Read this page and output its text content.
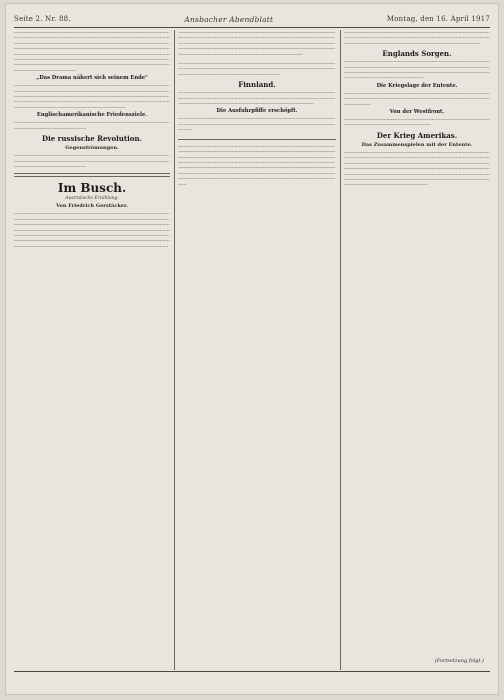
Seite 2. Nr. 88.	Ansbacher Abendblatt	Montag, den 16. April 1917
----------------------------------------------------------------------------------------------------------------------------------------------------------------------------------------------------------------------------------------------------------------------------------------------------------------------------------------------------------------------------------------------------------------------------------------------------------------------------------------------------------------------------------------------------------------------------------------------------------------------------------------------------------------------------------------------------------------------------------------------------------------------------------------------------------------------------------------------
„Das Drama nähert sich seinem Ende"
---------------------------------------------------------------------------------------------------------------------------------------------------------------------------------------------------------------------------------------------------------------------------------------------------------------------------------------------------------------------------------------------------------------------------------------------------------------------------------------------------------------------------------------
Englischamerikanische Friedensziele.
-----------------------------------------------------------------------------------------------------------------------------------------------------------------
Die russische Revolution.
Gegenströmungen.
-------------------------------------------------------------------------------------------------------------------------------------------------------------------------------------------------------------------------------------------------------------------------------
Im Busch.
Australische Erzählung.
Von Friedrich Gerstäcker.
-------------------------------------------------------------------------------------------------------------------------------------------------------------------------------------------------------------------------------------------------------------------------------------------------------------------------------------------------------------------------------------------------------------------------------------------------------------------------------------------------------------------------------------------------------------------------------------------------------------------------------------------------------------------------------------------------------------------------------------------------------------------------------------------------
----------------------------------------------------------------------------------------------------------------------------------------------------------------------------------------------------------------------------------------------------------------------------------------------------------------------------------------------------------------------------------------------------------------------------------------------------------------------------------------------------------------------------------------------------
------------------------------------------------------------------------------------------------------------------------------------------------------------------------------------------------------------------------------------------------------------------------------------------------------
Finnland.
------------------------------------------------------------------------------------------------------------------------------------------------------------------------------------------------------------------------------------------------------------------------------------------------------------------------------
Die Ausfuhrpfiffe erschöpft.
----------------------------------------------------------------------------------------------------------------------------------------------------------------------------------------------------------------------------------------
---------------------------------------------------------------------------------------------------------------------------------------------------------------------------------------------------------------------------------------------------------------------------------------------------------------------------------------------------------------------------------------------------------------------------------------------------------------------------------------------------------------------------------------------------------------------------------------------------------------------------------------------------------------------------------------------------------------------------------------------------------------------------------------------------------------
--------------------------------------------------------------------------------------------------------------------------------------------------------------------------------------------------------------------------------------------------------------------------------------------------------------
Englands Sorgen.
------------------------------------------------------------------------------------------------------------------------------------------------------------------------------------------------------------------------------------------------------------------------------------------------------------------------------------------------------------------------------
Die Kriegslage der Entente.
---------------------------------------------------------------------------------------------------------------------------------------------------------------------------------------------------------------------------------
Von der Westfront.
--------------------------------------------------------------------------------------------------------------------------------------------------------------------
Der Krieg Amerikas.
Das Zusammenspielen mit der Entente.
-----------------------------------------------------------------------------------------------------------------------------------------------------------------------------------------------------------------------------------------------------------------------------------------------------------------------------------------------------------------------------------------------------------------------------------------------------------------------------------------------------------------------------------------------------------------------------------------------------------------------------------------------------------------------------------------------------
(Fortsetzung folgt.)
